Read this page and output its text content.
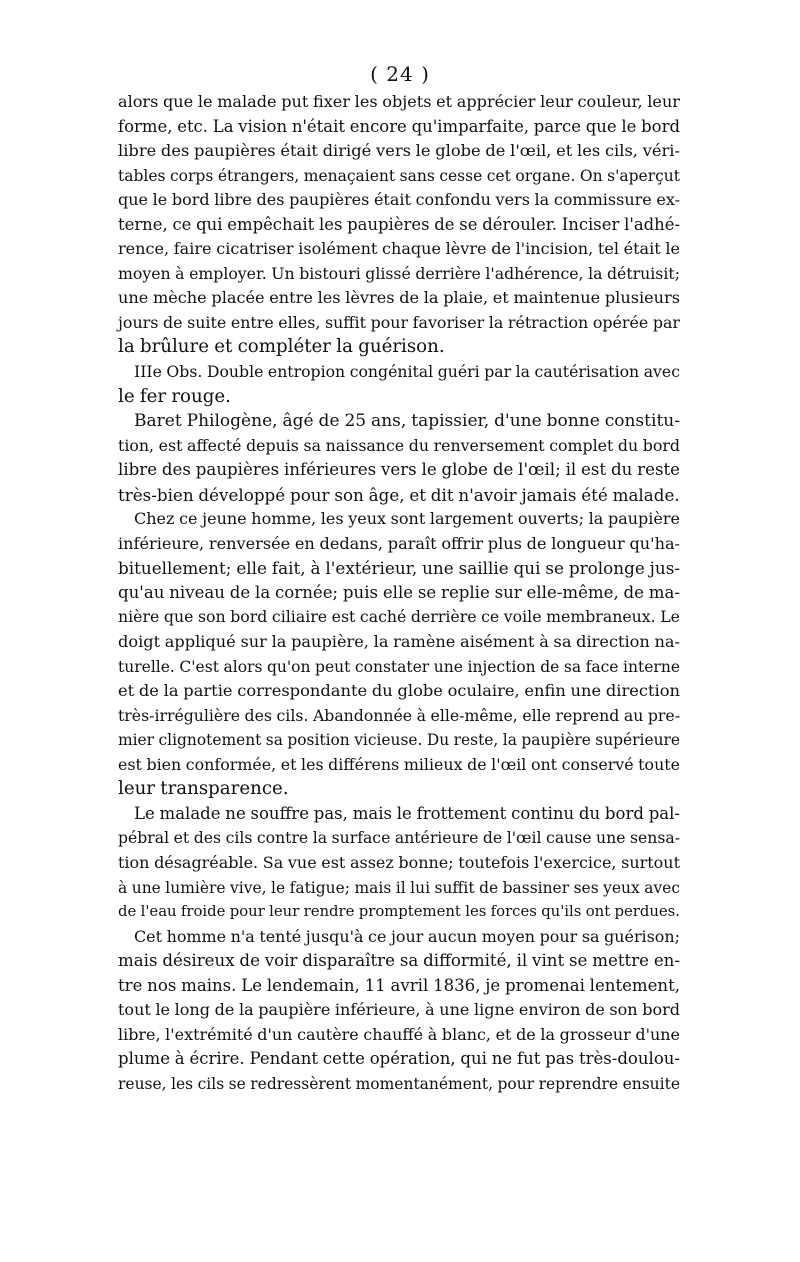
( 24 )
alors que le malade put fixer les objets et apprécier leur couleur, leur
forme, etc. La vision n'était encore qu'imparfaite, parce que le bord
libre des paupières était dirigé vers le globe de l'œil, et les cils, véri-
tables corps étrangers, menaçaient sans cesse cet organe. On s'aperçut
que le bord libre des paupières était confondu vers la commissure ex-
terne, ce qui empêchait les paupières de se dérouler. Inciser l'adhé-
rence, faire cicatriser isolément chaque lèvre de l'incision, tel était le
moyen à employer. Un bistouri glissé derrière l'adhérence, la détruisit;
une mèche placée entre les lèvres de la plaie, et maintenue plusieurs
jours de suite entre elles, suffit pour favoriser la rétraction opérée par
la brûlure et compléter la guérison.
IIIe Obs. Double entropion congénital guéri par la cautérisation avec
le fer rouge.
Baret Philogène, âgé de 25 ans, tapissier, d'une bonne constitu-
tion, est affecté depuis sa naissance du renversement complet du bord
libre des paupières inférieures vers le globe de l'œil; il est du reste
très-bien développé pour son âge, et dit n'avoir jamais été malade.
Chez ce jeune homme, les yeux sont largement ouverts; la paupière
inférieure, renversée en dedans, paraît offrir plus de longueur qu'ha-
bituellement; elle fait, à l'extérieur, une saillie qui se prolonge jus-
qu'au niveau de la cornée; puis elle se replie sur elle-même, de ma-
nière que son bord ciliaire est caché derrière ce voile membraneux. Le
doigt appliqué sur la paupière, la ramène aisément à sa direction na-
turelle. C'est alors qu'on peut constater une injection de sa face interne
et de la partie correspondante du globe oculaire, enfin une direction
très-irrégulière des cils. Abandonnée à elle-même, elle reprend au pre-
mier clignotement sa position vicieuse. Du reste, la paupière supérieure
est bien conformée, et les différens milieux de l'œil ont conservé toute
leur transparence.
Le malade ne souffre pas, mais le frottement continu du bord pal-
pébral et des cils contre la surface antérieure de l'œil cause une sensa-
tion désagréable. Sa vue est assez bonne; toutefois l'exercice, surtout
à une lumière vive, le fatigue; mais il lui suffit de bassiner ses yeux avec
de l'eau froide pour leur rendre promptement les forces qu'ils ont perdues.
Cet homme n'a tenté jusqu'à ce jour aucun moyen pour sa guérison;
mais désireux de voir disparaître sa difformité, il vint se mettre en-
tre nos mains. Le lendemain, 11 avril 1836, je promenai lentement,
tout le long de la paupière inférieure, à une ligne environ de son bord
libre, l'extrémité d'un cautère chauffé à blanc, et de la grosseur d'une
plume à écrire. Pendant cette opération, qui ne fut pas très-doulou-
reuse, les cils se redressèrent momentanément, pour reprendre ensuite
